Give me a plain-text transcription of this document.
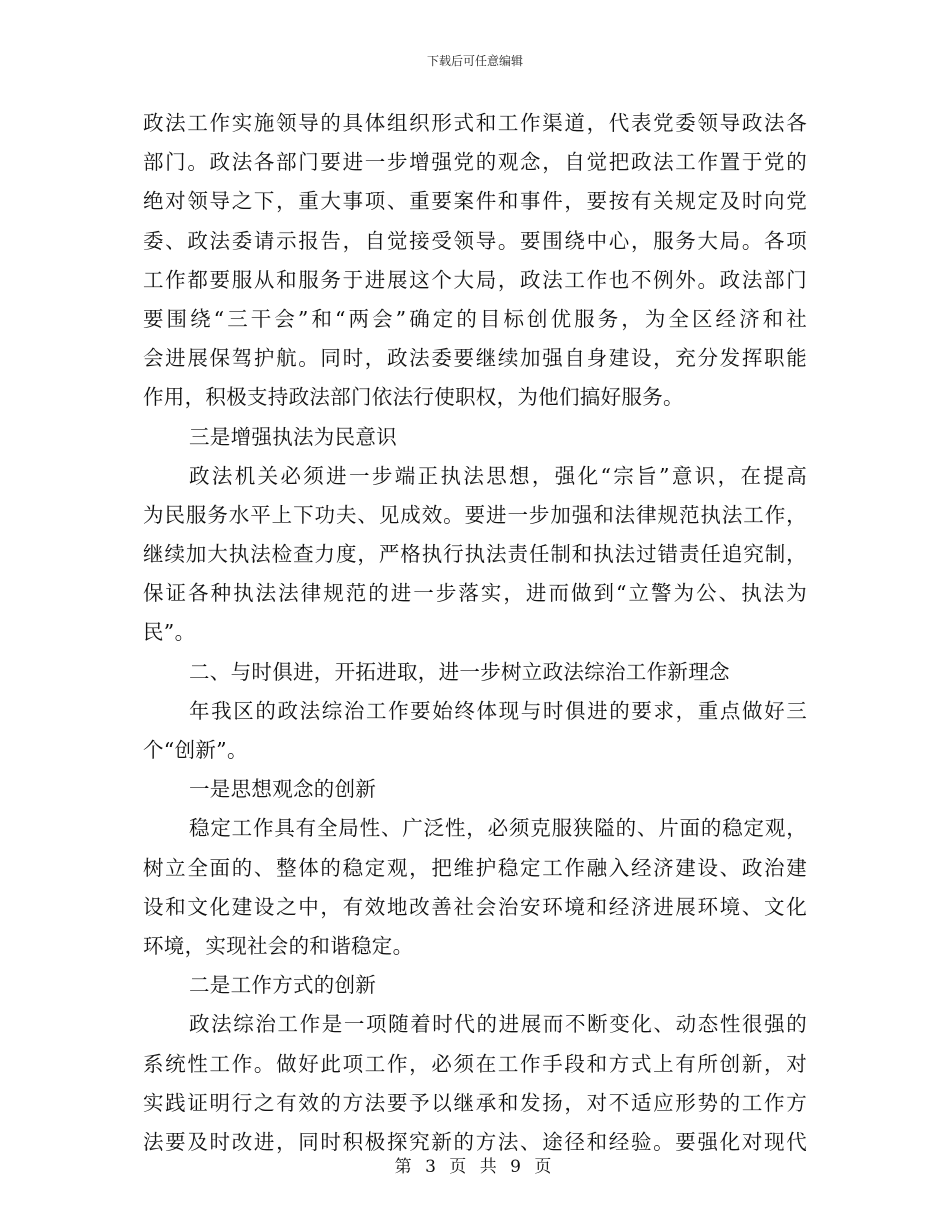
下载后可任意编辑
政法工作实施领导的具体组织形式和工作渠道，代表党委领导政法各
部门。政法各部门要进一步增强党的观念，自觉把政法工作置于党的
绝对领导之下，重大事项、重要案件和事件，要按有关规定及时向党
委、政法委请示报告，自觉接受领导。要围绕中心，服务大局。各项
工作都要服从和服务于进展这个大局，政法工作也不例外。政法部门
要围绕“三干会”和“两会”确定的目标创优服务，为全区经济和社
会进展保驾护航。同时，政法委要继续加强自身建设，充分发挥职能
作用，积极支持政法部门依法行使职权，为他们搞好服务。
三是增强执法为民意识
政法机关必须进一步端正执法思想，强化“宗旨”意识，在提高
为民服务水平上下功夫、见成效。要进一步加强和法律规范执法工作，
继续加大执法检查力度，严格执行执法责任制和执法过错责任追究制，
保证各种执法法律规范的进一步落实，进而做到“立警为公、执法为
民”。
二、与时俱进，开拓进取，进一步树立政法综治工作新理念
年我区的政法综治工作要始终体现与时俱进的要求，重点做好三
个“创新”。
一是思想观念的创新
稳定工作具有全局性、广泛性，必须克服狭隘的、片面的稳定观，
树立全面的、整体的稳定观，把维护稳定工作融入经济建设、政治建
设和文化建设之中，有效地改善社会治安环境和经济进展环境、文化
环境，实现社会的和谐稳定。
二是工作方式的创新
政法综治工作是一项随着时代的进展而不断变化、动态性很强的
系统性工作。做好此项工作，必须在工作手段和方式上有所创新，对
实践证明行之有效的方法要予以继承和发扬，对不适应形势的工作方
法要及时改进，同时积极探究新的方法、途径和经验。要强化对现代
第 3 页 共 9 页
